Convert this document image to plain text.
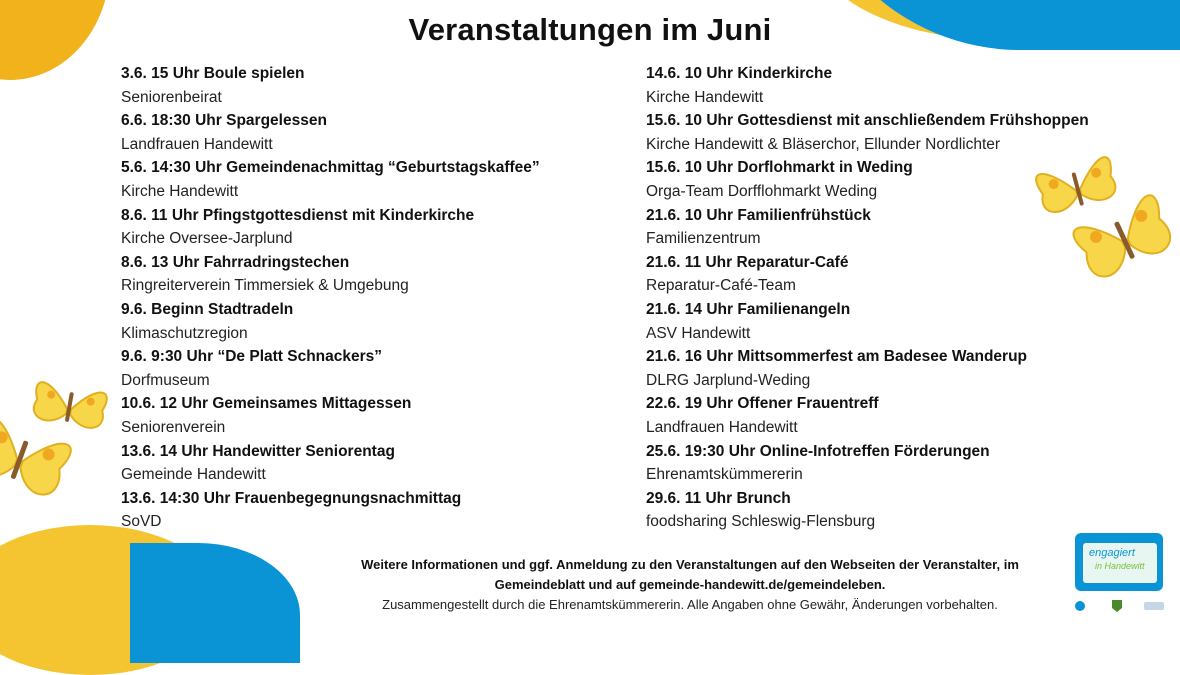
Veranstaltungen im Juni
3.6. 15 Uhr Boule spielen
Seniorenbeirat
6.6. 18:30 Uhr Spargelessen
Landfrauen Handewitt
5.6. 14:30 Uhr Gemeindenachmittag “Geburtstagskaffee”
Kirche Handewitt
8.6. 11 Uhr Pfingstgottesdienst mit Kinderkirche
Kirche Oversee-Jarplund
8.6. 13 Uhr Fahrradringstechen
Ringreiterverein Timmersiek & Umgebung
9.6. Beginn Stadtradeln
Klimaschutzregion
9.6. 9:30 Uhr “De Platt Schnackers”
Dorfmuseum
10.6. 12 Uhr Gemeinsames Mittagessen
Seniorenverein
13.6. 14 Uhr Handewitter Seniorentag
Gemeinde Handewitt
13.6. 14:30 Uhr Frauenbegegnungsnachmittag
SoVD
14.6. 10 Uhr Kinderkirche
Kirche Handewitt
15.6. 10 Uhr Gottesdienst mit anschließendem Frühshoppen
Kirche Handewitt & Bläserchor, Ellunder Nordlichter
15.6. 10 Uhr Dorflohmarkt in Weding
Orga-Team Dorfflohmarkt Weding
21.6. 10 Uhr Familienfrühstück
Familienzentrum
21.6. 11 Uhr Reparatur-Café
Reparatur-Café-Team
21.6. 14 Uhr Familienangeln
ASV Handewitt
21.6. 16 Uhr Mittsommerfest am Badesee Wanderup
DLRG Jarplund-Weding
22.6. 19 Uhr Offener Frauentreff
Landfrauen Handewitt
25.6. 19:30 Uhr Online-Infotreffen Förderungen
Ehrenamtskümmererin
29.6. 11 Uhr Brunch
foodsharing Schleswig-Flensburg
Weitere Informationen und ggf. Anmeldung zu den Veranstaltungen auf den Webseiten der Veranstalter, im
Gemeindeblatt und auf gemeinde-handewitt.de/gemeindeleben.
Zusammengestellt durch die Ehrenamtskümmererin. Alle Angaben ohne Gewähr, Änderungen vorbehalten.
engagiert
in Handewitt
